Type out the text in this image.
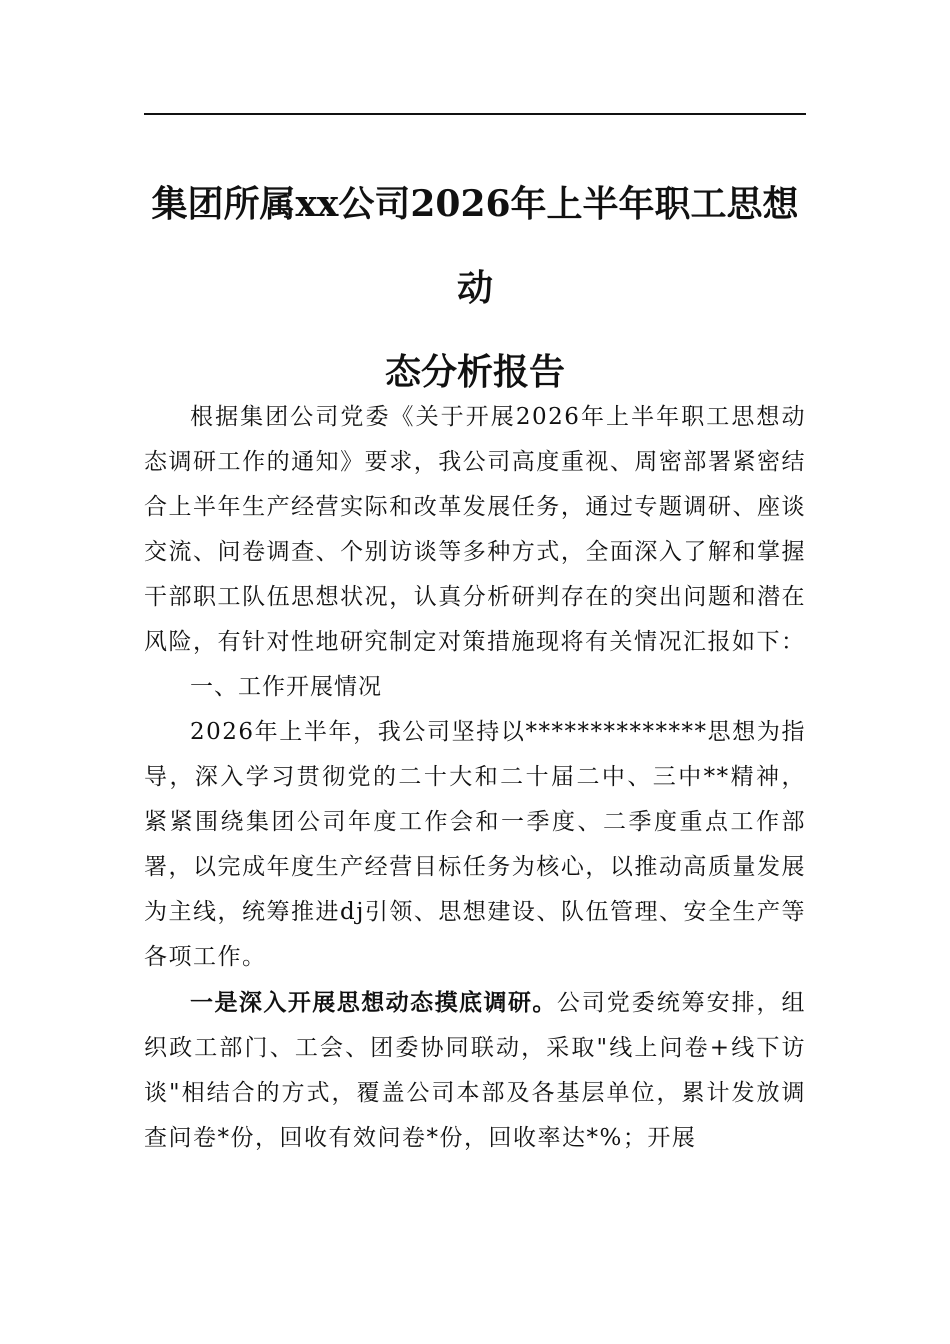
集团所属xx公司2026年上半年职工思想动
态分析报告

根据集团公司党委《关于开展2026年上半年职工思想动态调研工作的通知》要求，我公司高度重视、周密部署紧密结合上半年生产经营实际和改革发展任务，通过专题调研、座谈交流、问卷调查、个别访谈等多种方式，全面深入了解和掌握干部职工队伍思想状况，认真分析研判存在的突出问题和潜在风险，有针对性地研究制定对策措施现将有关情况汇报如下：

一、工作开展情况

2026年上半年，我公司坚持以**************思想为指导，深入学习贯彻党的二十大和二十届二中、三中**精神，紧紧围绕集团公司年度工作会和一季度、二季度重点工作部署，以完成年度生产经营目标任务为核心，以推动高质量发展为主线，统筹推进dj引领、思想建设、队伍管理、安全生产等各项工作。

一是深入开展思想动态摸底调研。公司党委统筹安排，组织政工部门、工会、团委协同联动，采取"线上问卷+线下访谈"相结合的方式，覆盖公司本部及各基层单位，累计发放调查问卷*份，回收有效问卷*份，回收率达*%；开展
